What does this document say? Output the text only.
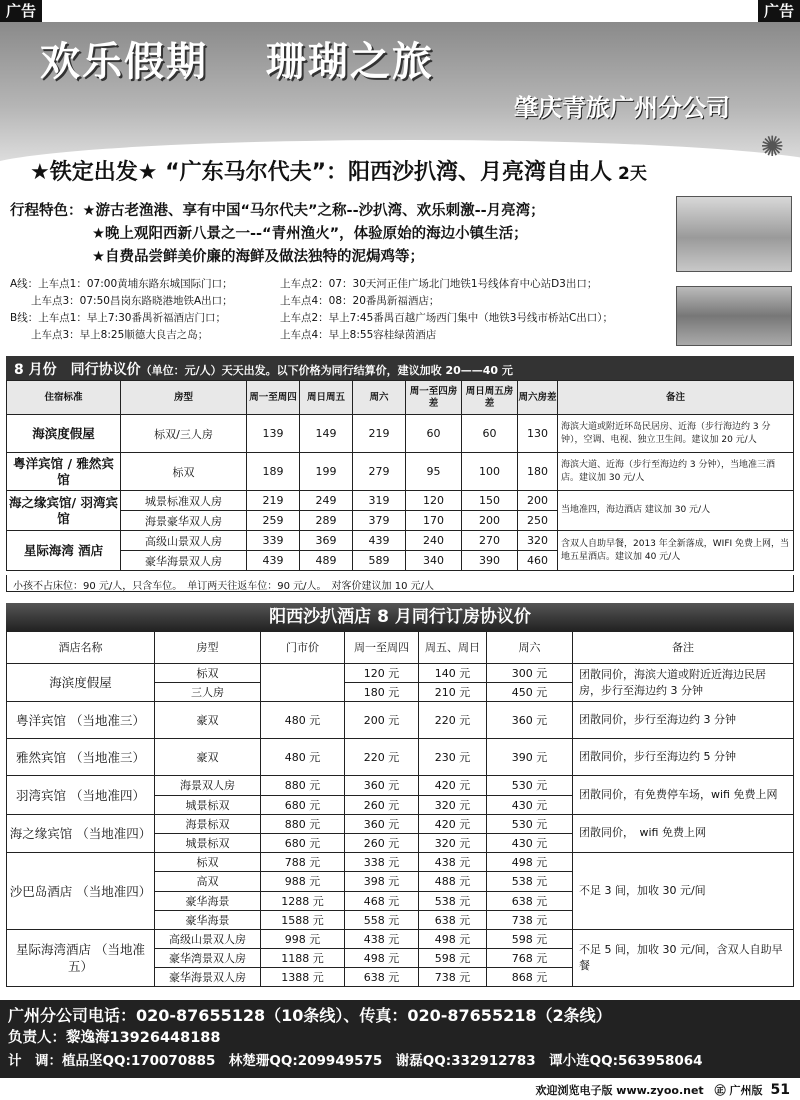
广告	广告
欢乐假期　 珊瑚之旅
肇庆青旅广州分公司
✺
★铁定出发★ “广东马尔代夫”：阳西沙扒湾、月亮湾自由人 2天
行程特色：★游古老渔港、享有中国“马尔代夫”之称--沙扒湾、欢乐刺激--月亮湾；
★晚上观阳西新八景之一--“青州渔火”，体验原始的海边小镇生活；
★自费品尝鲜美价廉的海鲜及做法独特的泥焗鸡等；
A线：上车点1：07:00黄埔东路东城国际门口；	上车点2：07：30天河正佳广场北门地铁1号线体育中心站D3出口；
　　上车点3：07:50昌岗东路晓港地铁A出口；	上车点4：08：20番禺新福酒店；
B线：上车点1：早上7:30番禺祈福酒店门口；	上车点2：早上7:45番禺百越广场西门集中（地铁3号线市桥站C出口）；
　　上车点3：早上8:25顺德大良吉之岛；	上车点4：早上8:55容桂绿茵酒店
8 月份　同行协议价（单位：元/人）天天出发。以下价格为同行结算价，建议加收 20——40 元
住宿标准	房型	周一至周四	周日周五	周六	周一至四房差	周日周五房差	周六房差	备注
海滨度假屋	标双/三人房	139	149	219	60	60	130	海滨大道或附近环岛民居房、近海（步行海边约 3 分钟），空调、电视、独立卫生间。建议加 20 元/人
粤洋宾馆 / 雅然宾馆	标双	189	199	279	95	100	180	海滨大道、近海（步行至海边约 3 分钟），当地准三酒店。建议加 30 元/人
海之缘宾馆/ 羽湾宾馆	城景标准双人房	219	249	319	120	150	200	当地准四，海边酒店 建议加 30 元/人
	海景豪华双人房	259	289	379	170	200	250	
星际海湾 酒店	高级山景双人房	339	369	439	240	270	320	含双人自助早餐，2013 年全新落成，WIFI 免费上网，当地五星酒店。建议加 40 元/人
	豪华海景双人房	439	489	589	340	390	460	
小孩不占床位：90 元/人，只含车位。　单订两天往返车位：90 元/人。　对客价建议加 10 元/人
阳西沙扒酒店 8 月同行订房协议价
酒店名称	房型	门市价	周一至周四	周五、周日	周六	备注
海滨度假屋	标双		120 元	140 元	300 元	团散同价，海滨大道或附近近海边民居房，步行至海边约 3 分钟
	三人房		180 元	210 元	450 元	
粤洋宾馆 （当地准三）	豪双	480 元	200 元	220 元	360 元	团散同价，步行至海边约 3 分钟
雅然宾馆 （当地准三）	豪双	480 元	220 元	230 元	390 元	团散同价，步行至海边约 5 分钟
羽湾宾馆 （当地准四）	海景双人房	880 元	360 元	420 元	530 元	团散同价，有免费停车场，wifi 免费上网
	城景标双	680 元	260 元	320 元	430 元	
海之缘宾馆 （当地准四）	海景标双	880 元	360 元	420 元	530 元	团散同价，　wifi 免费上网
	城景标双	680 元	260 元	320 元	430 元	
沙巴岛酒店 （当地准四）	标双	788 元	338 元	438 元	498 元	不足 3 间，加收 30 元/间
	高双	988 元	398 元	488 元	538 元	
	豪华海景	1288 元	468 元	538 元	638 元	
	豪华海景	1588 元	558 元	638 元	738 元	
星际海湾酒店 （当地准五）	高级山景双人房	998 元	438 元	498 元	598 元	不足 5 间，加收 30 元/间，含双人自助早餐
	豪华湾景双人房	1188 元	498 元	598 元	768 元	
	豪华海景双人房	1388 元	638 元	738 元	868 元	
广州分公司电话：020-87655128（10条线）、传真：020-87655218（2条线）
负责人：黎逸海13926448188
计　调：植品坚QQ:170070885　林楚珊QQ:209949575　谢磊QQ:332912783　谭小连QQ:563958064
欢迎浏览电子版 www.zyoo.net　㊣ 广州版 51
